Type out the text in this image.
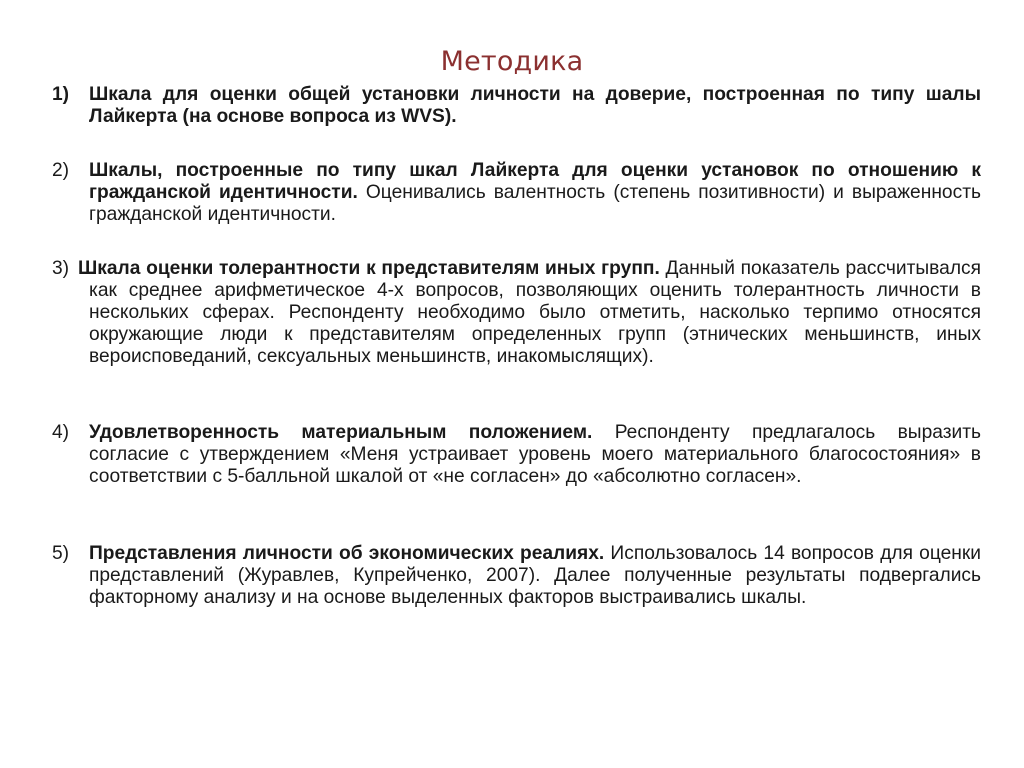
Методика
1)	Шкала для оценки общей установки личности на доверие, построенная по типу шалы Лайкерта (на основе вопроса из WVS).
2)	Шкалы, построенные по типу шкал Лайкерта для оценки установок по отношению к гражданской идентичности. Оценивались валентность (степень позитивности) и выраженность гражданской идентичности.
3) Шкала оценки толерантности к представителям иных групп. Данный показатель рассчитывался как среднее арифметическое 4-х вопросов, позволяющих оценить толерантность личности в нескольких сферах. Респонденту необходимо было отметить, насколько терпимо относятся окружающие люди к представителям определенных групп (этнических меньшинств, иных вероисповеданий, сексуальных меньшинств, инакомыслящих).
4)	Удовлетворенность материальным положением. Респонденту предлагалось выразить согласие с утверждением «Меня устраивает уровень моего материального благосостояния» в соответствии с 5-балльной шкалой от «не согласен» до «абсолютно согласен».
5)	Представления личности об экономических реалиях. Использовалось 14 вопросов для оценки представлений (Журавлев, Купрейченко, 2007). Далее полученные результаты подвергались факторному анализу и на основе выделенных факторов выстраивались шкалы.
